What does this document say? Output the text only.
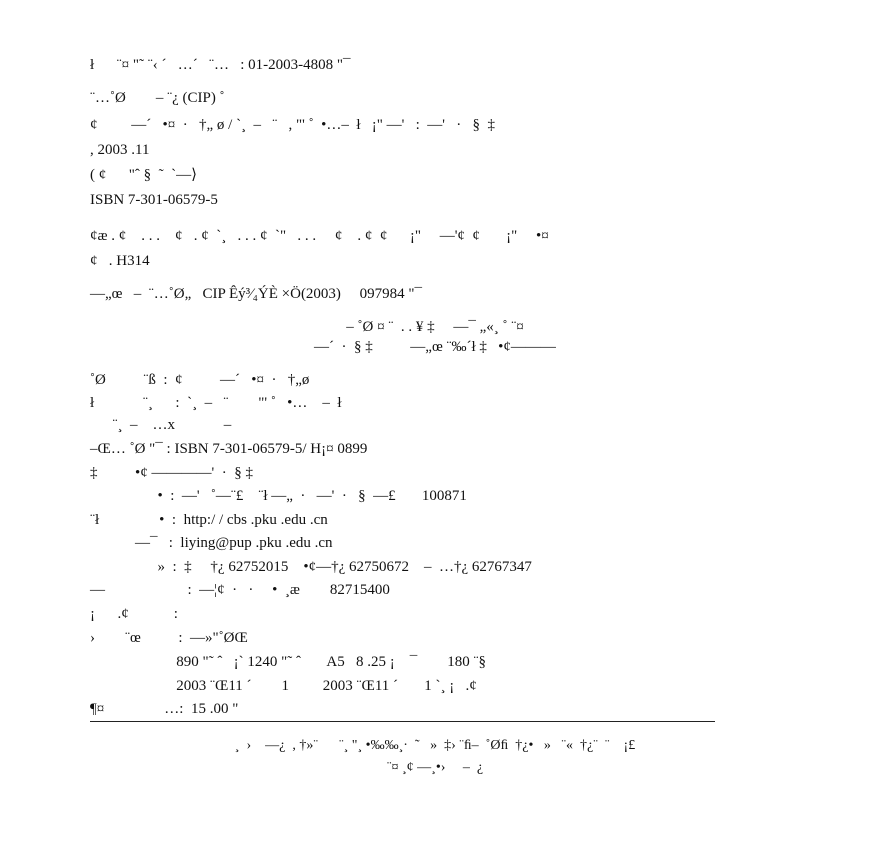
ł      ¨¤ "˜ ¨‹ ´   …´   ¨…   : 01-2003-4808 "¯
¨…˚Ø        – ¨¿ (CIP) ˚
¢         —´   •¤  ·   †„ ø / `¸  –   ¨   , "' ˚  •…–  ł   ¡" —'   :  —'   ·   §  ‡
, 2003 .11
( ¢      "ˆ §  ˜  `—⟩
ISBN 7-301-06579-5
¢æ . ¢    . . .    ¢   . ¢  `¸   . . . ¢  `"   . . .     ¢    . ¢  ¢      ¡"     —'¢  ¢       ¡"     •¤
¢   . H314
—„œ   –  ¨…˚Ø„   CIP Êý³⁄₄ÝÈ ×Ö(2003)     097984 "¯
– ˚Ø ¤ ¨  . . ¥ ‡     —¯ „«¸ ˚ ¨¤
—´  ·  § ‡          —„œ ¨‰´ł ‡   •¢———
˚Ø          ¨ß  :  ¢          —´   •¤  ·   †„ø
ł             ¨¸      :  `¸  –   ¨        "' ˚   •…    –  ł
¨¸  –    …x             –
–Œ… ˚Ø "¯ : ISBN 7-301-06579-5/ H¡¤ 0899
‡          •¢ ————'  ·  § ‡
•  :  —'   ˚—¨£    ¨ł —„  ·   —'  ·   §  —£       100871
¨ł                •  :  http:/ / cbs .pku .edu .cn
—¯   :  liying@pup .pku .edu .cn
»  :  ‡     †¿ 62752015    •¢—†¿ 62750672    –  …†¿ 62767347
—                      :  —¦¢  ·   ·     •  ¸æ        82715400
¡      .¢            :
›        ¨œ          :  —»"˚ØŒ
890 "˜ ˆ   ¡` 1240 "˜ ˆ       A5   8 .25 ¡    ¯        180 ¨§
2003 ¨Œ11 ´        1         2003 ¨Œ11 ´       1 `¸ ¡   .¢
¶¤                …:  15 .00 "
¸  ›    —¿  , †»¨      ¨¸ "¸ •‰‰¸·  ˜   »  ‡› ¨ﬁ–  ˚Øﬁ  †¿•   »   ¨«  †¿¨  ¨    ¡£
¨¤ ¸¢ —¸•›     –  ¿
